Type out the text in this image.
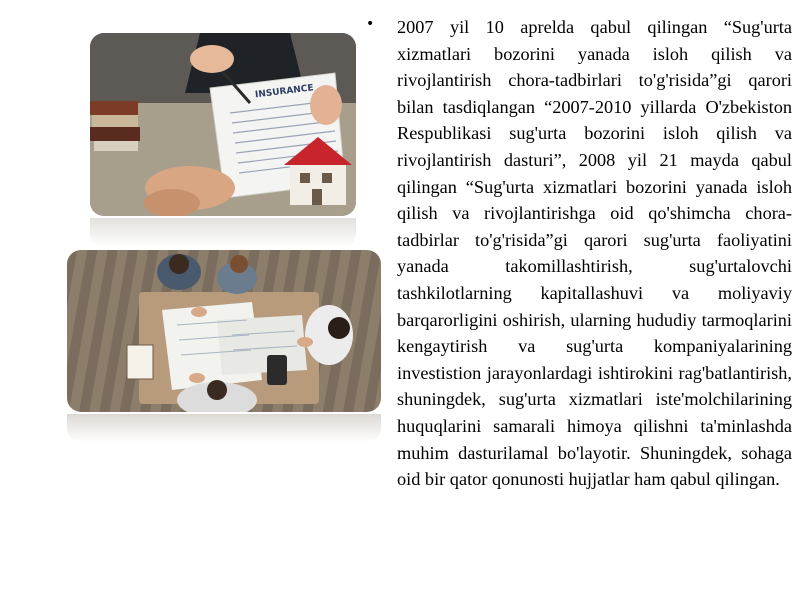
INSURANCE
• 2007 yil 10 aprelda qabul qilingan “Sug'urta xizmatlari bozorini yanada isloh qilish va rivojlantirish chora-tadbirlari to'g'risida”gi qarori bilan tasdiqlangan “2007-2010 yillarda O'zbekiston Respublikasi sug'urta bozorini isloh qilish va rivojlantirish dasturi”, 2008 yil 21 mayda qabul qilingan “Sug'urta xizmatlari bozorini yanada isloh qilish va rivojlantirishga oid qo'shimcha chora-tadbirlar to'g'risida”gi qarori sug'urta faoliyatini yanada takomillashtirish, sug'urtalovchi tashkilotlarning kapitallashuvi va moliyaviy barqarorligini oshirish, ularning hududiy tarmoqlarini kengaytirish va sug'urta kompaniyalarining investistion jarayonlardagi ishtirokini rag'batlantirish, shuningdek, sug'urta xizmatlari iste'molchilarining huquqlarini samarali himoya qilishni ta'minlashda muhim dasturilamal bo'layotir. Shuningdek, sohaga oid bir qator qonunosti hujjatlar ham qabul qilingan.
